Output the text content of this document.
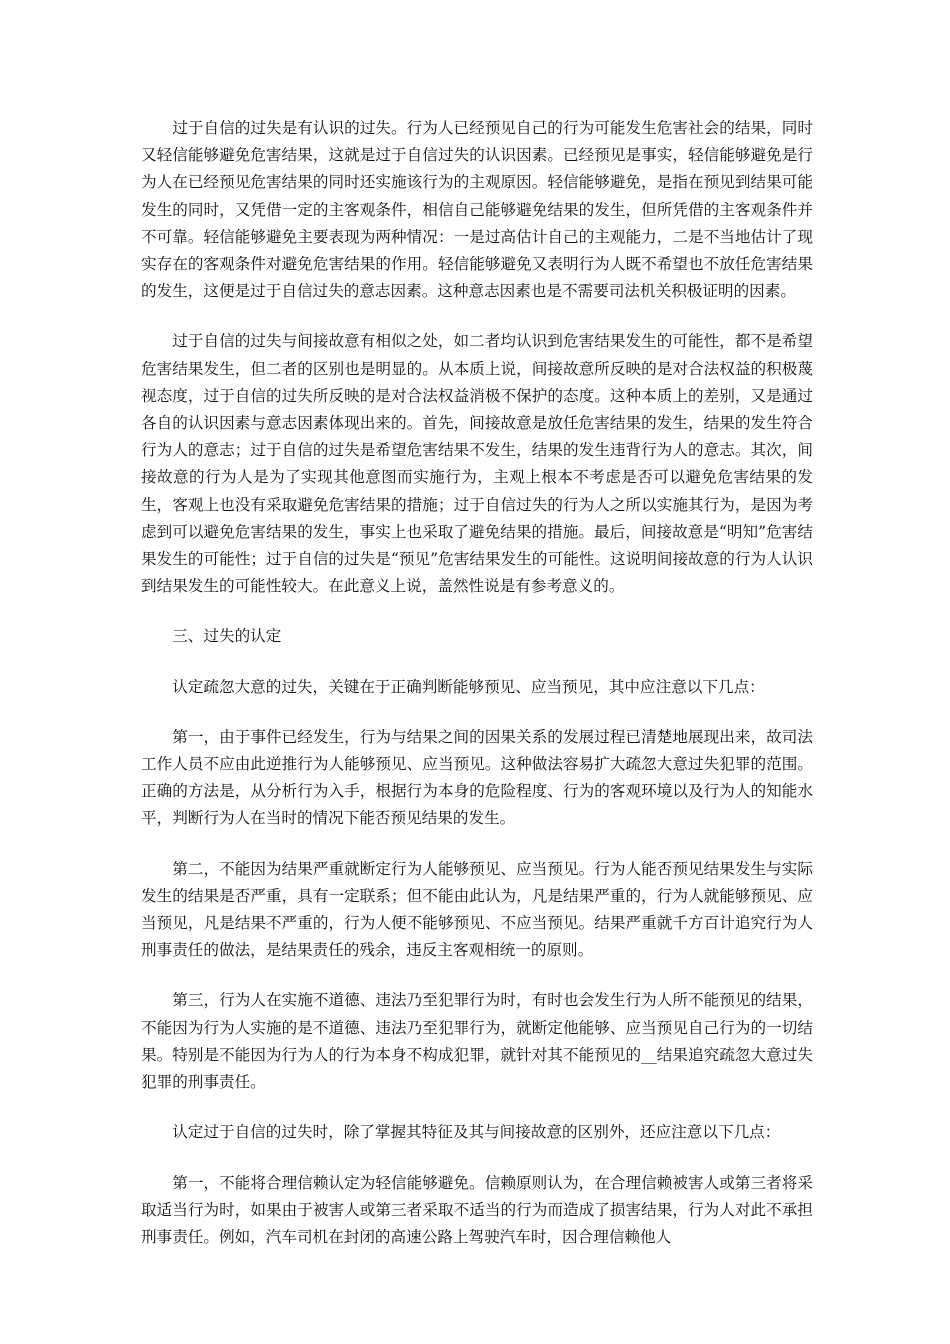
过于自信的过失是有认识的过失。行为人已经预见自己的行为可能发生危害社会的结果，同时又轻信能够避免危害结果，这就是过于自信过失的认识因素。已经预见是事实，轻信能够避免是行为人在已经预见危害结果的同时还实施该行为的主观原因。轻信能够避免，是指在预见到结果可能发生的同时，又凭借一定的主客观条件，相信自己能够避免结果的发生，但所凭借的主客观条件并不可靠。轻信能够避免主要表现为两种情况：一是过高估计自己的主观能力，二是不当地估计了现实存在的客观条件对避免危害结果的作用。轻信能够避免又表明行为人既不希望也不放任危害结果的发生，这便是过于自信过失的意志因素。这种意志因素也是不需要司法机关积极证明的因素。

过于自信的过失与间接故意有相似之处，如二者均认识到危害结果发生的可能性，都不是希望危害结果发生，但二者的区别也是明显的。从本质上说，间接故意所反映的是对合法权益的积极蔑视态度，过于自信的过失所反映的是对合法权益消极不保护的态度。这种本质上的差别，又是通过各自的认识因素与意志因素体现出来的。首先，间接故意是放任危害结果的发生，结果的发生符合行为人的意志；过于自信的过失是希望危害结果不发生，结果的发生违背行为人的意志。其次，间接故意的行为人是为了实现其他意图而实施行为，主观上根本不考虑是否可以避免危害结果的发生，客观上也没有采取避免危害结果的措施；过于自信过失的行为人之所以实施其行为，是因为考虑到可以避免危害结果的发生，事实上也采取了避免结果的措施。最后，间接故意是“明知”危害结果发生的可能性；过于自信的过失是“预见”危害结果发生的可能性。这说明间接故意的行为人认识到结果发生的可能性较大。在此意义上说，盖然性说是有参考意义的。

三、过失的认定

认定疏忽大意的过失，关键在于正确判断能够预见、应当预见，其中应注意以下几点：

第一，由于事件已经发生，行为与结果之间的因果关系的发展过程已清楚地展现出来，故司法工作人员不应由此逆推行为人能够预见、应当预见。这种做法容易扩大疏忽大意过失犯罪的范围。正确的方法是，从分析行为入手，根据行为本身的危险程度、行为的客观环境以及行为人的知能水平，判断行为人在当时的情况下能否预见结果的发生。

第二，不能因为结果严重就断定行为人能够预见、应当预见。行为人能否预见结果发生与实际发生的结果是否严重，具有一定联系；但不能由此认为，凡是结果严重的，行为人就能够预见、应当预见，凡是结果不严重的，行为人便不能够预见、不应当预见。结果严重就千方百计追究行为人刑事责任的做法，是结果责任的残余，违反主客观相统一的原则。

第三，行为人在实施不道德、违法乃至犯罪行为时，有时也会发生行为人所不能预见的结果，不能因为行为人实施的是不道德、违法乃至犯罪行为，就断定他能够、应当预见自己行为的一切结果。特别是不能因为行为人的行为本身不构成犯罪，就针对其不能预见的__结果追究疏忽大意过失犯罪的刑事责任。

认定过于自信的过失时，除了掌握其特征及其与间接故意的区别外，还应注意以下几点：

第一，不能将合理信赖认定为轻信能够避免。信赖原则认为，在合理信赖被害人或第三者将采取适当行为时，如果由于被害人或第三者采取不适当的行为而造成了损害结果，行为人对此不承担刑事责任。例如，汽车司机在封闭的高速公路上驾驶汽车时，因合理信赖他人
